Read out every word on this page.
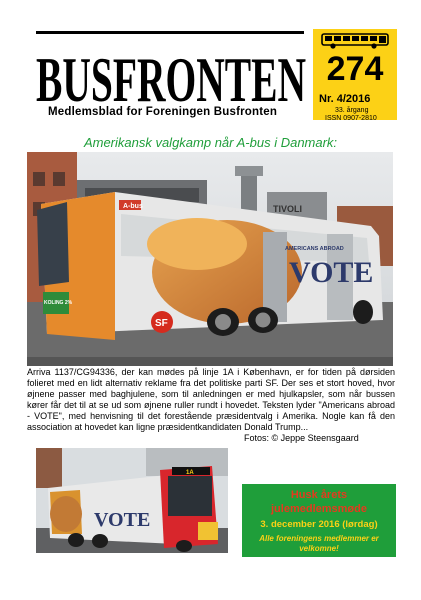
BUSFRONTEN
Medlemsblad for Foreningen Busfronten
274
Nr. 4/2016
33. årgang
ISSN 0907-2810
Amerikansk valgkamp når A-bus i Danmark:
TIVOLI
KOLING 2%
A-bus
AMERICANS ABROAD
VOTE
SF
Arriva 1137/CG94336, der kan mødes på linje 1A i København, er for tiden på dørsiden folieret med en lidt alternativ reklame fra det politiske parti SF. Der ses et stort hoved, hvor øjnene passer med baghjulene, som til anledningen er med hjulkapsler, som når bussen kører får det til at se ud som øjnene ruller rundt i hovedet. Teksten lyder "Americans abroad - VOTE", med henvisning til det forestående præsidentvalg i Amerika. Nogle kan få den association at hovedet kan ligne præsidentkandidaten Donald Trump...
Fotos: © Jeppe Steensgaard
VOTE
1A
Husk årets
julemedlemsmøde
3. december 2016 (lørdag)
Alle foreningens medlemmer er velkomne!
